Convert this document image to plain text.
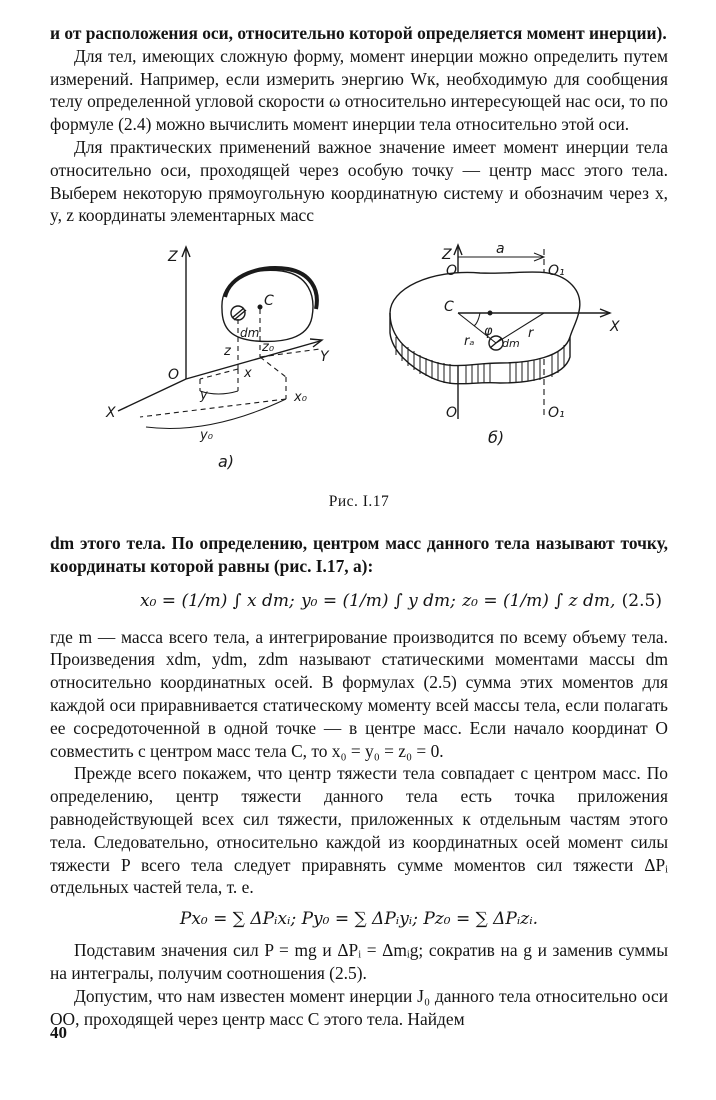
и от расположения оси, относительно которой определяется момент инерции).

Для тел, имеющих сложную форму, момент инерции можно определить путем измерений. Например, если измерить энергию Wк, необходимую для сообщения телу определенной угловой скорости ω относительно интересующей нас оси, то по формуле (2.4) можно вычислить момент инерции тела относительно этой оси.

Для практических применений важное значение имеет момент инерции тела относительно оси, проходящей через особую точку — центр масс этого тела. Выберем некоторую прямоугольную координатную систему и обозначим через x, y, z координаты элементарных масс

Z
O
X
Y
C
dm
z z₀
x
y	x₀
y₀
а)
Z
O
a
O₁
C
φ	r
rₐ	dm
X
O	O₁
б)
Рис. I.17

dm этого тела. По определению, центром масс данного тела называют точку, координаты которой равны (рис. I.17, а):

x₀ = (1/m) ∫ x dm; y₀ = (1/m) ∫ y dm; z₀ = (1/m) ∫ z dm, (2.5)

где m — масса всего тела, а интегрирование производится по всему объему тела. Произведения xdm, ydm, zdm называют статическими моментами массы dm относительно координатных осей. В формулах (2.5) сумма этих моментов для каждой оси приравнивается статическому моменту всей массы тела, если полагать ее сосредоточенной в одной точке — в центре масс. Если начало координат O совместить с центром масс тела C, то x₀ = y₀ = z₀ = 0.

Прежде всего покажем, что центр тяжести тела совпадает с центром масс. По определению, центр тяжести данного тела есть точка приложения равнодействующей всех сил тяжести, приложенных к отдельным частям этого тела. Следовательно, относительно каждой из координатных осей момент силы тяжести P всего тела следует приравнять сумме моментов сил тяжести ΔPᵢ отдельных частей тела, т. е.

Px₀ = ∑ ΔPᵢxᵢ; Py₀ = ∑ ΔPᵢyᵢ; Pz₀ = ∑ ΔPᵢzᵢ.

Подставим значения сил P = mg и ΔPᵢ = Δmᵢg; сократив на g и заменив суммы на интегралы, получим соотношения (2.5).

Допустим, что нам известен момент инерции J₀ данного тела относительно оси OO, проходящей через центр масс C этого тела. Найдем

40
